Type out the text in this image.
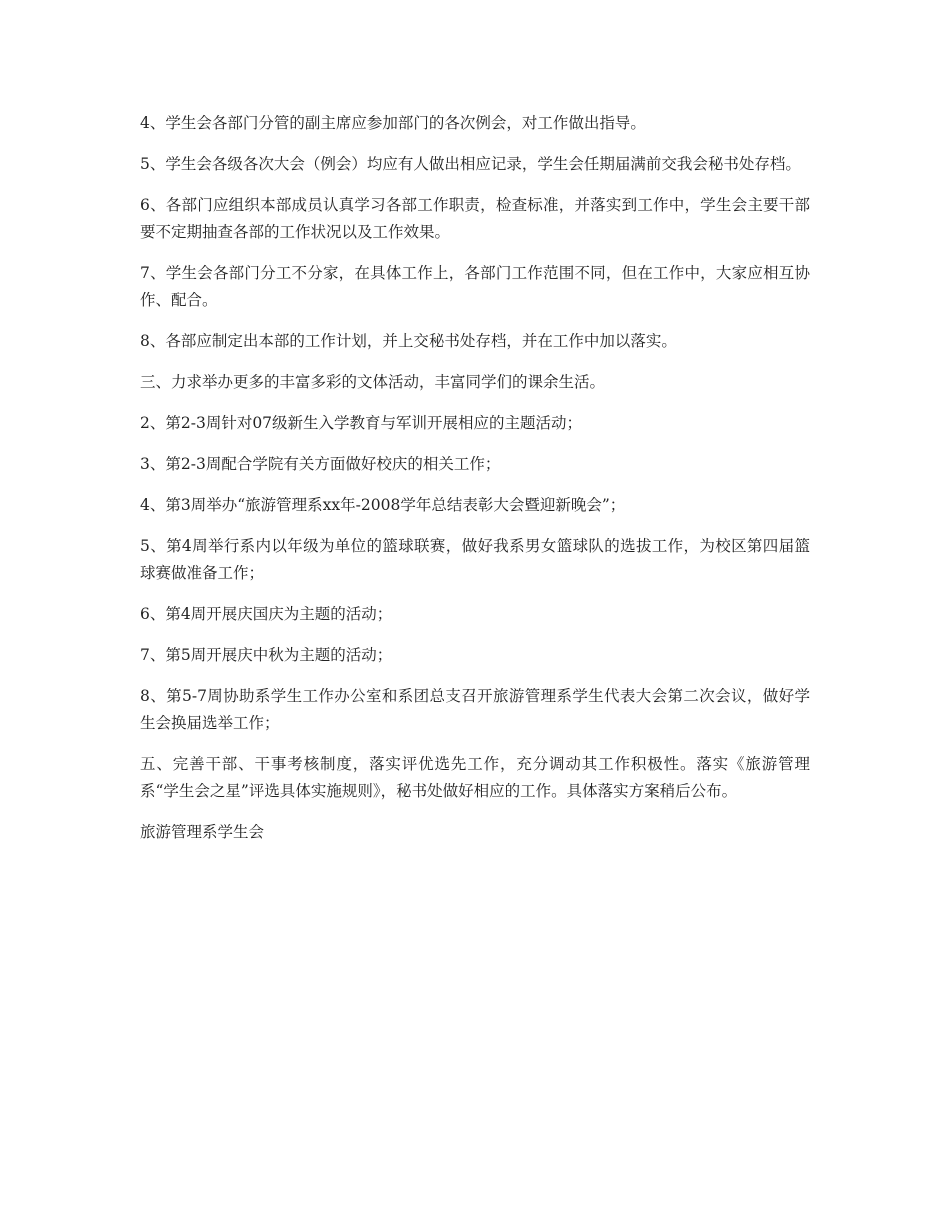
4、学生会各部门分管的副主席应参加部门的各次例会，对工作做出指导。

5、学生会各级各次大会（例会）均应有人做出相应记录，学生会任期届满前交我会秘书处存档。

6、各部门应组织本部成员认真学习各部工作职责，检查标准，并落实到工作中，学生会主要干部要不定期抽查各部的工作状况以及工作效果。

7、学生会各部门分工不分家，在具体工作上，各部门工作范围不同，但在工作中，大家应相互协作、配合。

8、各部应制定出本部的工作计划，并上交秘书处存档，并在工作中加以落实。

三、力求举办更多的丰富多彩的文体活动，丰富同学们的课余生活。

2、第2-3周针对07级新生入学教育与军训开展相应的主题活动；

3、第2-3周配合学院有关方面做好校庆的相关工作；

4、第3周举办“旅游管理系xx年-2008学年总结表彰大会暨迎新晚会”；

5、第4周举行系内以年级为单位的篮球联赛，做好我系男女篮球队的选拔工作，为校区第四届篮球赛做准备工作；

6、第4周开展庆国庆为主题的活动；

7、第5周开展庆中秋为主题的活动；

8、第5-7周协助系学生工作办公室和系团总支召开旅游管理系学生代表大会第二次会议，做好学生会换届选举工作；

五、完善干部、干事考核制度，落实评优选先工作，充分调动其工作积极性。落实《旅游管理系“学生会之星”评选具体实施规则》，秘书处做好相应的工作。具体落实方案稍后公布。

旅游管理系学生会
